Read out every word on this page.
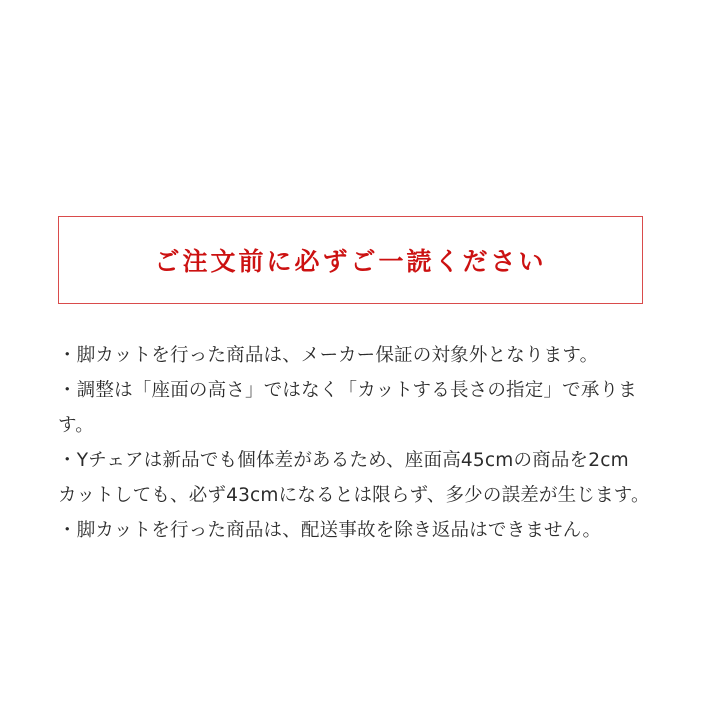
ご注文前に必ずご一読ください
・脚カットを行った商品は、メーカー保証の対象外となります。
・調整は「座面の高さ」ではなく「カットする長さの指定」で承ります。
・Yチェアは新品でも個体差があるため、座面高45cmの商品を2cm
カットしても、必ず43cmになるとは限らず、多少の誤差が生じます。
・脚カットを行った商品は、配送事故を除き返品はできません。
